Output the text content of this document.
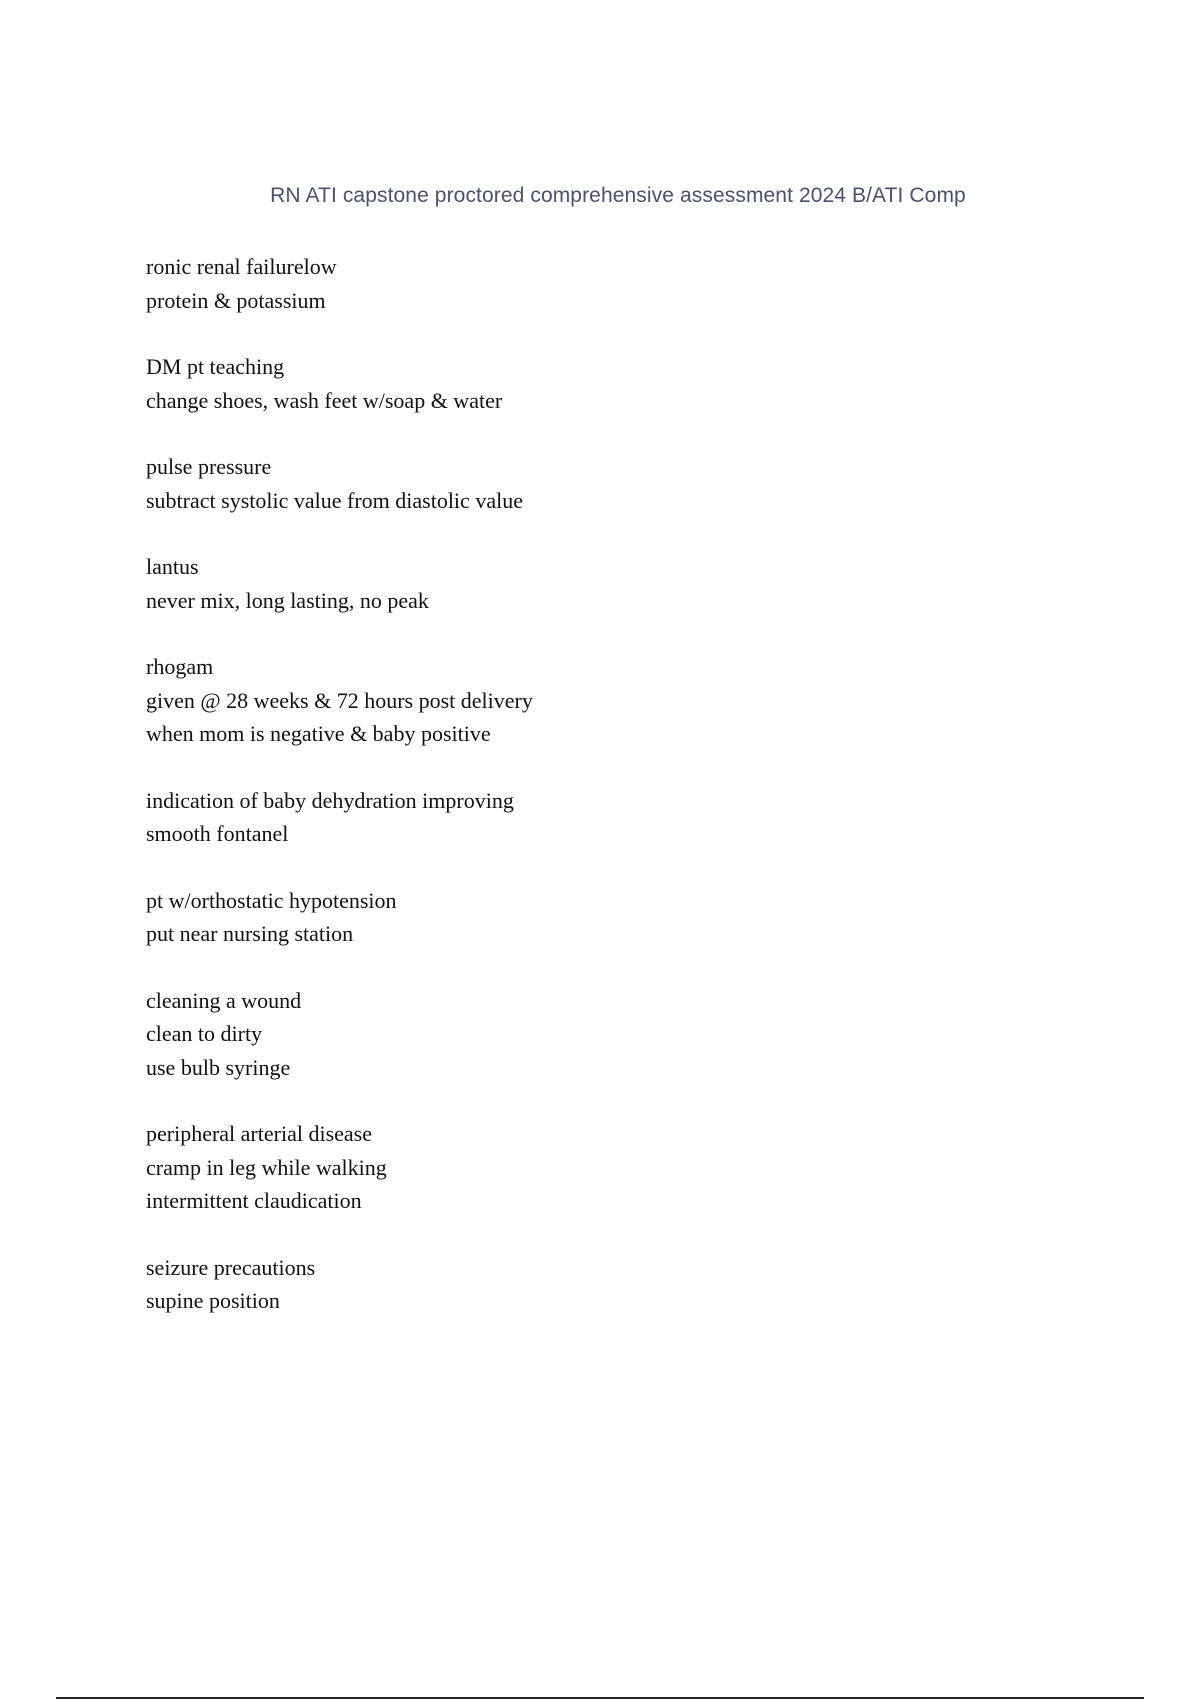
RN ATI capstone proctored comprehensive assessment 2024 B/ATI Comp
ronic renal failurelow
protein & potassium
DM pt teaching
change shoes, wash feet w/soap & water
pulse pressure
subtract systolic value from diastolic value
lantus
never mix, long lasting, no peak
rhogam
given @ 28 weeks & 72 hours post delivery
when mom is negative & baby positive
indication of baby dehydration improving
smooth fontanel
pt w/orthostatic hypotension
put near nursing station
cleaning a wound
clean to dirty
use bulb syringe
peripheral arterial disease
cramp in leg while walking
intermittent claudication
seizure precautions
supine position
